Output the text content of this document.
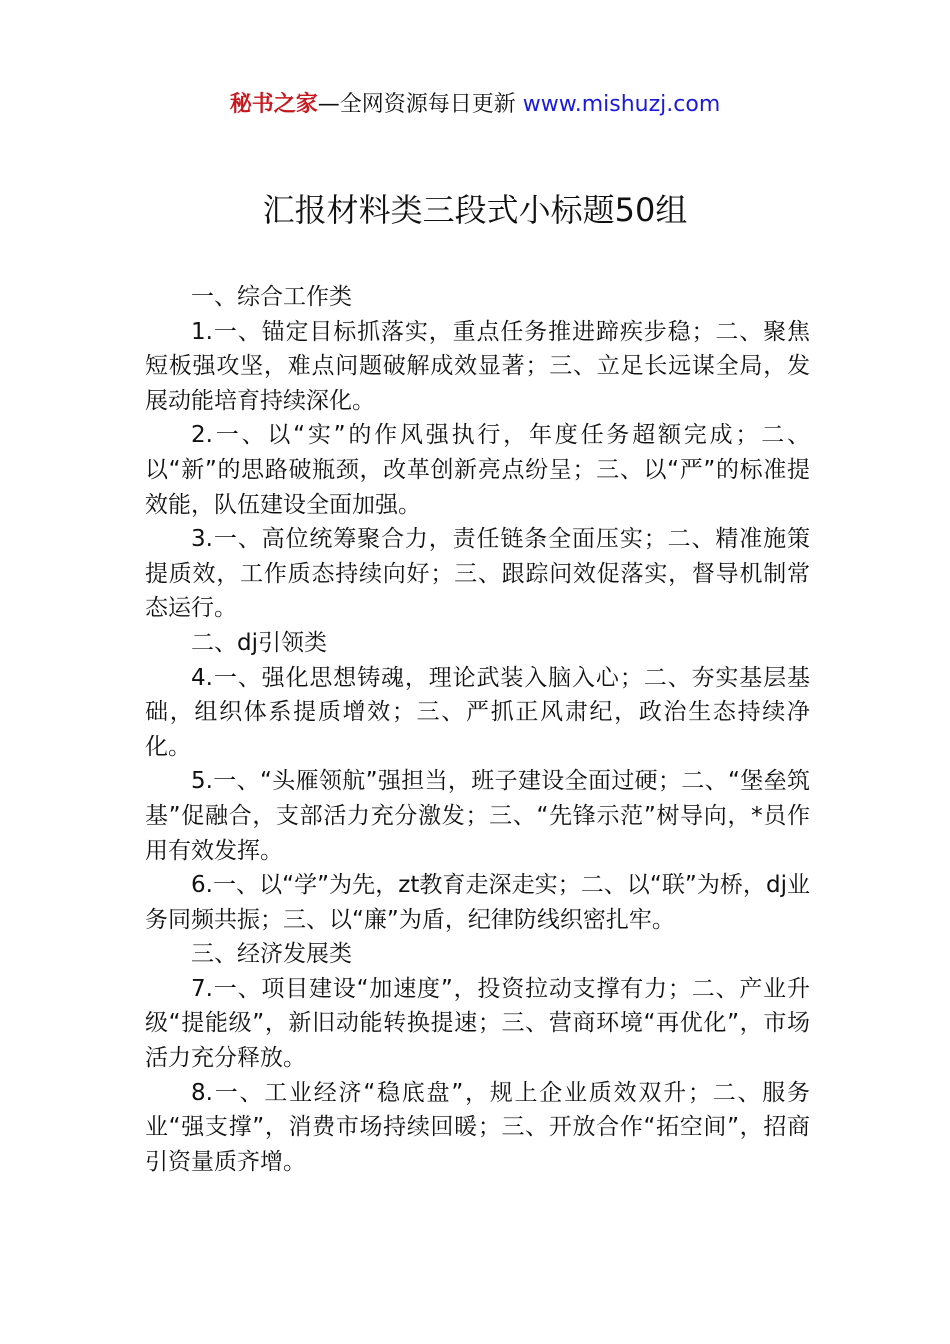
秘书之家—全网资源每日更新 www.mishuzj.com
汇报材料类三段式小标题50组

一、综合工作类

1.一、锚定目标抓落实，重点任务推进蹄疾步稳；二、聚焦短板强攻坚，难点问题破解成效显著；三、立足长远谋全局，发展动能培育持续深化。

2.一、以“实”的作风强执行，年度任务超额完成；二、以“新”的思路破瓶颈，改革创新亮点纷呈；三、以“严”的标准提效能，队伍建设全面加强。

3.一、高位统筹聚合力，责任链条全面压实；二、精准施策提质效，工作质态持续向好；三、跟踪问效促落实，督导机制常态运行。

二、dj引领类

4.一、强化思想铸魂，理论武装入脑入心；二、夯实基层基础，组织体系提质增效；三、严抓正风肃纪，政治生态持续净化。

5.一、“头雁领航”强担当，班子建设全面过硬；二、“堡垒筑基”促融合，支部活力充分激发；三、“先锋示范”树导向，*员作用有效发挥。

6.一、以“学”为先，zt教育走深走实；二、以“联”为桥，dj业务同频共振；三、以“廉”为盾，纪律防线织密扎牢。

三、经济发展类

7.一、项目建设“加速度”，投资拉动支撑有力；二、产业升级“提能级”，新旧动能转换提速；三、营商环境“再优化”，市场活力充分释放。

8.一、工业经济“稳底盘”，规上企业质效双升；二、服务业“强支撑”，消费市场持续回暖；三、开放合作“拓空间”，招商引资量质齐增。
